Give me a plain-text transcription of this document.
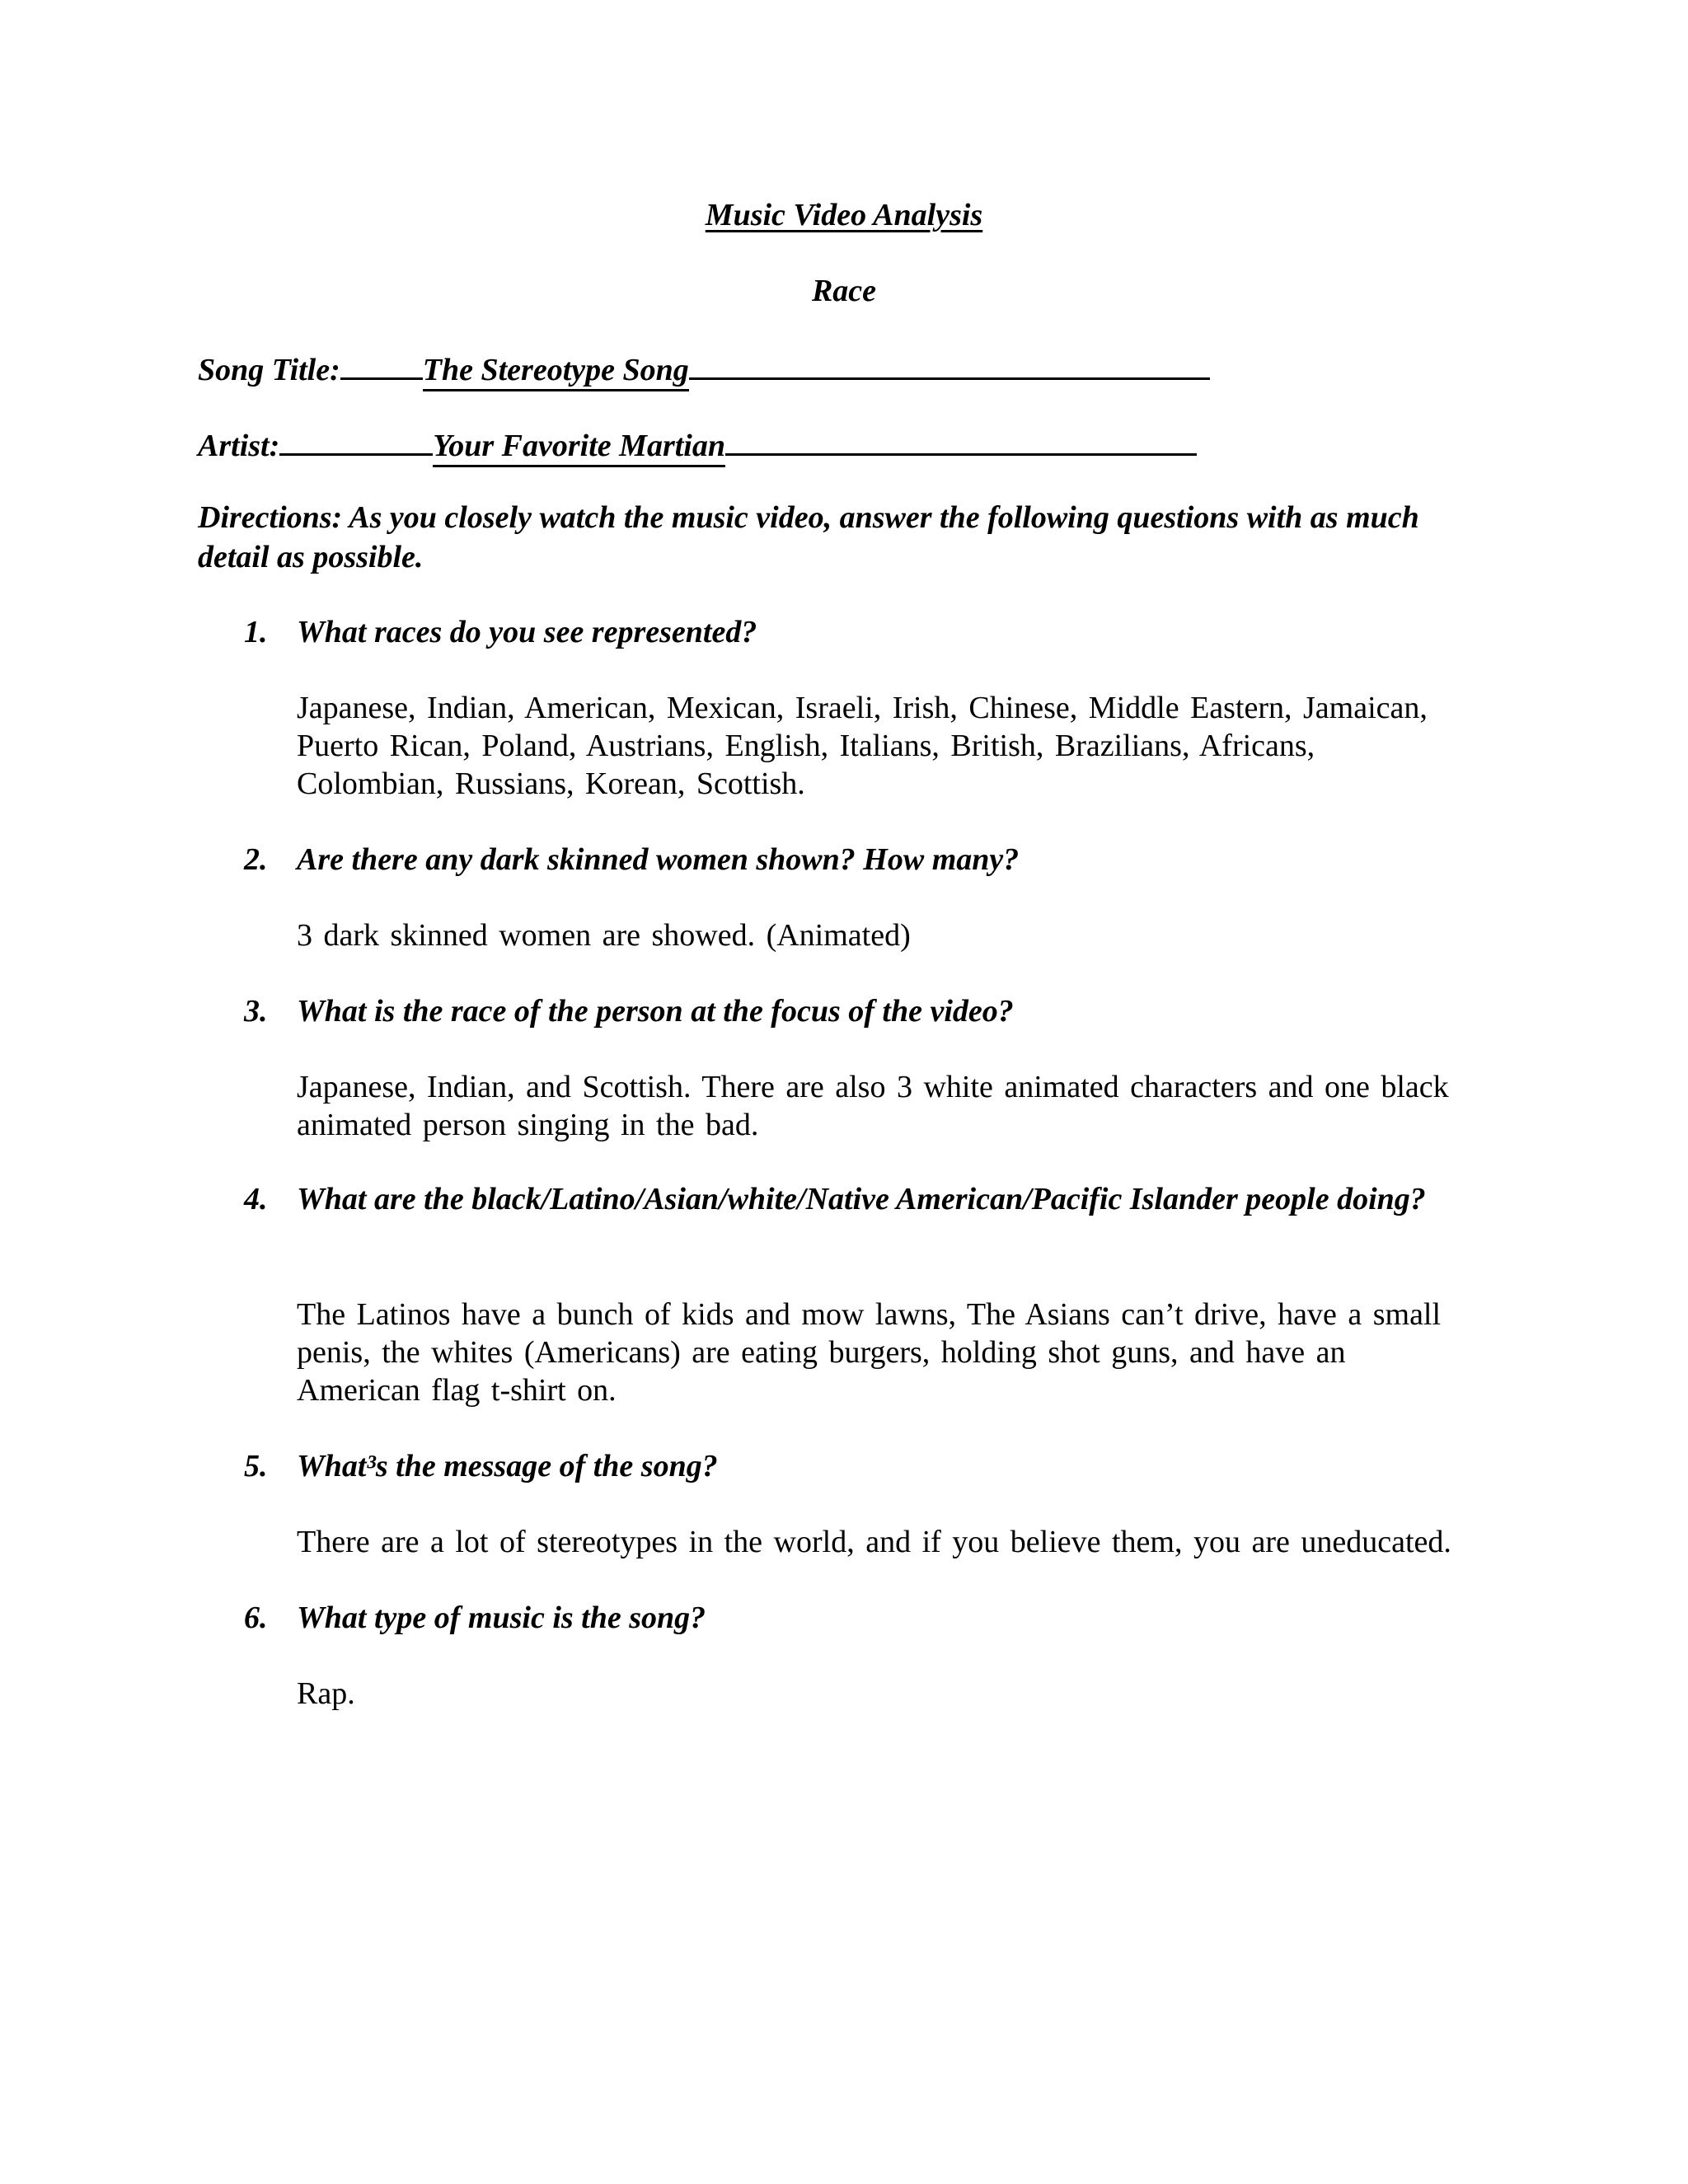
Music Video Analysis
Race
Song Title:	The Stereotype Song
Artist:	Your Favorite Martian
Directions: As you closely watch the music video, answer the following questions with as much detail as possible.
1. What races do you see represented?
Japanese, Indian, American, Mexican, Israeli, Irish, Chinese, Middle Eastern, Jamaican, Puerto Rican, Poland, Austrians, English, Italians, British, Brazilians, Africans, Colombian, Russians, Korean, Scottish.
2. Are there any dark skinned women shown? How many?
3 dark skinned women are showed. (Animated)
3. What is the race of the person at the focus of the video?
Japanese, Indian, and Scottish. There are also 3 white animated characters and one black animated person singing in the bad.
4. What are the black/Latino/Asian/white/Native American/Pacific Islander people doing?
The Latinos have a bunch of kids and mow lawns, The Asians can’t drive, have a small penis, the whites (Americans) are eating burgers, holding shot guns, and have an American flag t-shirt on.
5. What³s the message of the song?
There are a lot of stereotypes in the world, and if you believe them, you are uneducated.
6. What type of music is the song?
Rap.
